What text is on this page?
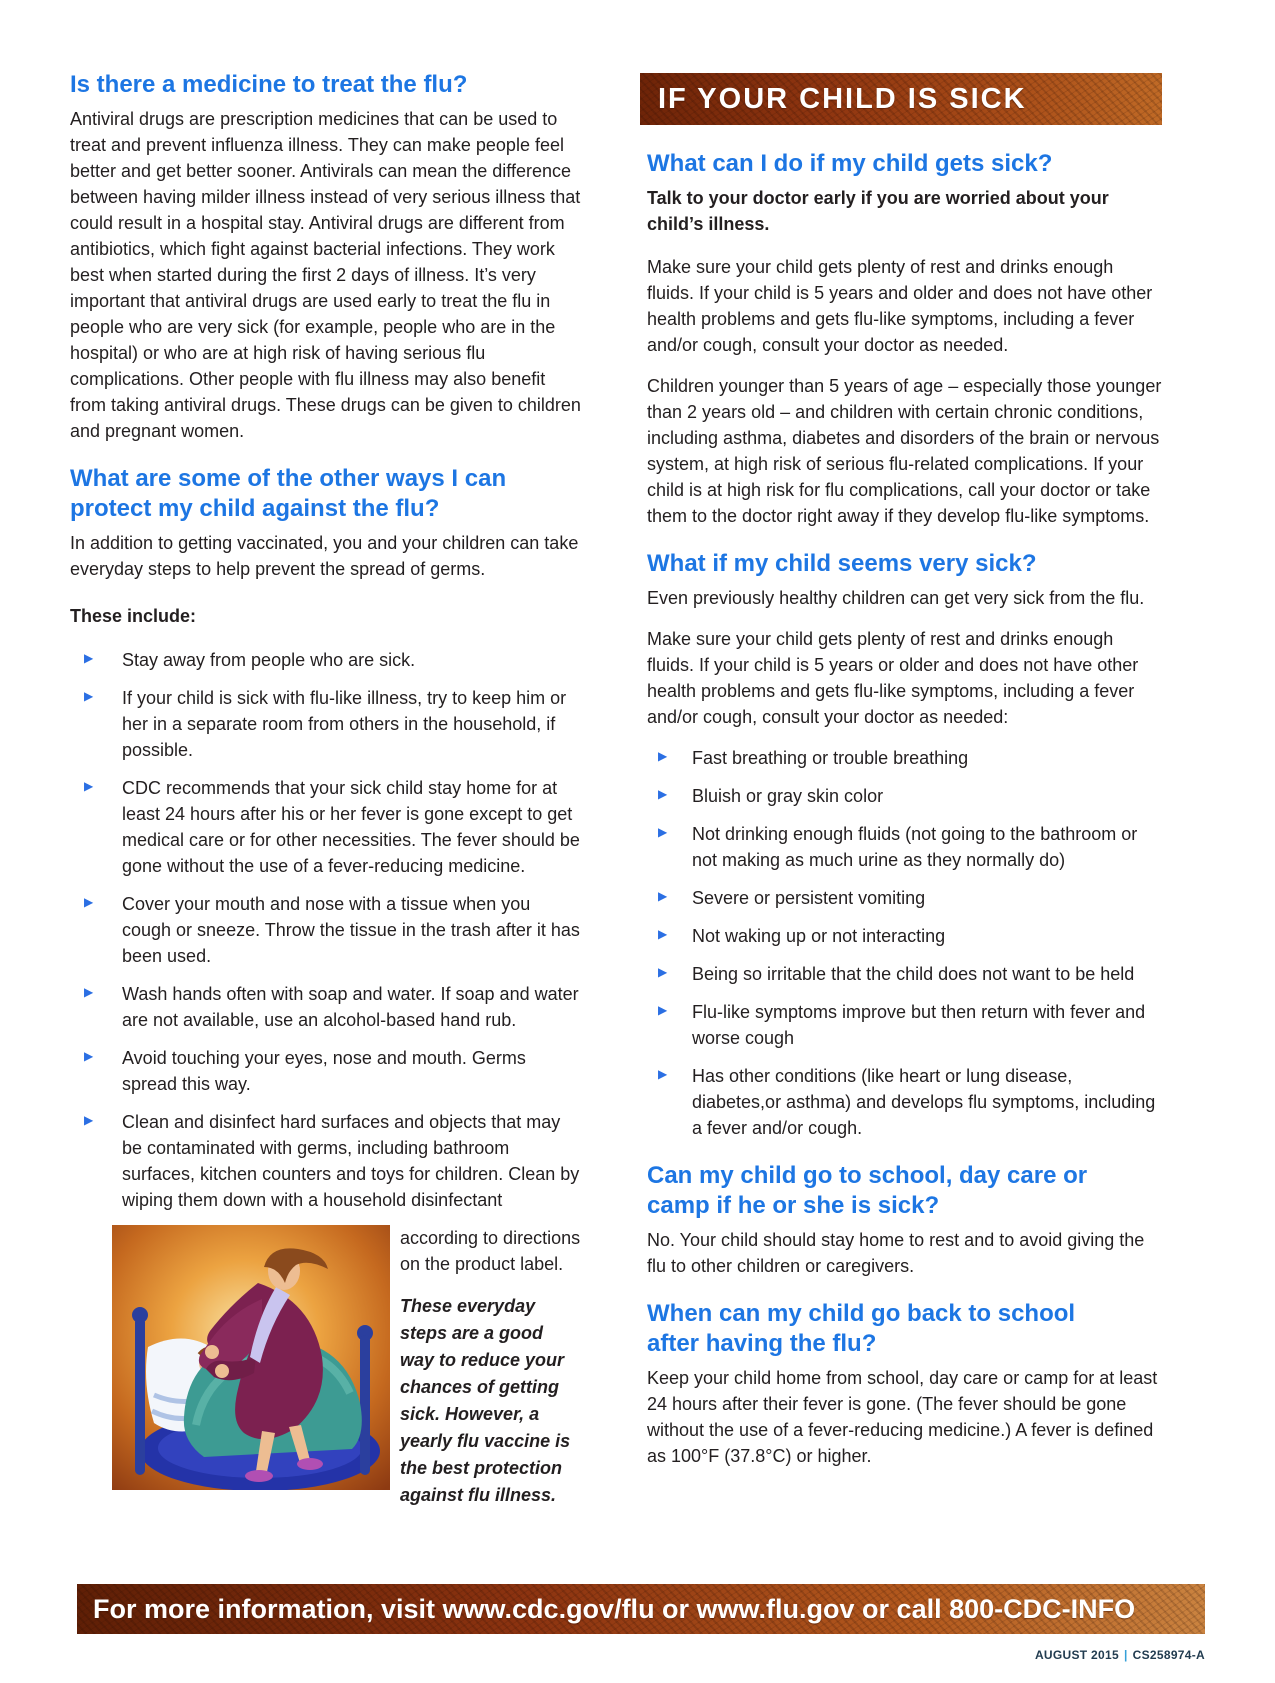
Is there a medicine to treat the flu?

Antiviral drugs are prescription medicines that can be used to treat and prevent influenza illness. They can make people feel better and get better sooner. Antivirals can mean the difference between having milder illness instead of very serious illness that could result in a hospital stay. Antiviral drugs are different from antibiotics, which fight against bacterial infections. They work best when started during the first 2 days of illness. It’s very important that antiviral drugs are used early to treat the flu in people who are very sick (for example, people who are in the hospital) or who are at high risk of having serious flu complications. Other people with flu illness may also benefit from taking antiviral drugs. These drugs can be given to children and pregnant women.

What are some of the other ways I can protect my child against the flu?

In addition to getting vaccinated, you and your children can take everyday steps to help prevent the spread of germs.

These include:

▶ Stay away from people who are sick.
▶ If your child is sick with flu-like illness, try to keep him or her in a separate room from others in the household, if possible.
▶ CDC recommends that your sick child stay home for at least 24 hours after his or her fever is gone except to get medical care or for other necessities. The fever should be gone without the use of a fever-reducing medicine.
▶ Cover your mouth and nose with a tissue when you cough or sneeze. Throw the tissue in the trash after it has been used.
▶ Wash hands often with soap and water. If soap and water are not available, use an alcohol-based hand rub.
▶ Avoid touching your eyes, nose and mouth. Germs spread this way.
▶ Clean and disinfect hard surfaces and objects that may be contaminated with germs, including bathroom surfaces, kitchen counters and toys for children. Clean by wiping them down with a household disinfectant

according to directions on the product label.

These everyday steps are a good way to reduce your chances of getting sick. However, a yearly flu vaccine is the best protection against flu illness.

IF YOUR CHILD IS SICK
What can I do if my child gets sick?

Talk to your doctor early if you are worried about your child’s illness.

Make sure your child gets plenty of rest and drinks enough fluids. If your child is 5 years and older and does not have other health problems and gets flu-like symptoms, including a fever and/or cough, consult your doctor as needed.

Children younger than 5 years of age – especially those younger than 2 years old – and children with certain chronic conditions, including asthma, diabetes and disorders of the brain or nervous system, at high risk of serious flu-related complications. If your child is at high risk for flu complications, call your doctor or take them to the doctor right away if they develop flu-like symptoms.

What if my child seems very sick?

Even previously healthy children can get very sick from the flu.

Make sure your child gets plenty of rest and drinks enough fluids. If your child is 5 years or older and does not have other health problems and gets flu-like symptoms, including a fever and/or cough, consult your doctor as needed:

▶ Fast breathing or trouble breathing
▶ Bluish or gray skin color
▶ Not drinking enough fluids (not going to the bathroom or not making as much urine as they normally do)
▶ Severe or persistent vomiting
▶ Not waking up or not interacting
▶ Being so irritable that the child does not want to be held
▶ Flu-like symptoms improve but then return with fever and worse cough
▶ Has other conditions (like heart or lung disease, diabetes,or asthma) and develops flu symptoms, including a fever and/or cough.
Can my child go to school, day care or camp if he or she is sick?

No. Your child should stay home to rest and to avoid giving the flu to other children or caregivers.

When can my child go back to school after having the flu?

Keep your child home from school, day care or camp for at least 24 hours after their fever is gone. (The fever should be gone without the use of a fever-reducing medicine.) A fever is defined as 100°F (37.8°C) or higher.

For more information, visit www.cdc.gov/flu or www.flu.gov or call 800-CDC-INFO
AUGUST 2015 | CS258974-A
